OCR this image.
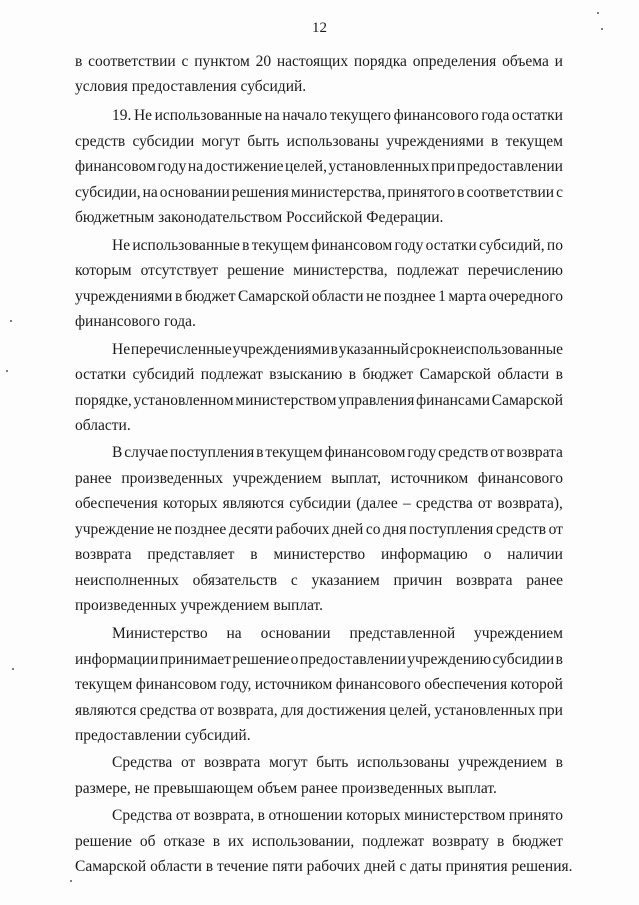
12
в соответствии с пунктом 20 настоящих порядка определения объема и
условия предоставления субсидий.
19. Не использованные на начало текущего финансового года остатки
средств субсидии могут быть использованы учреждениями в текущем
финансовом году на достижение целей, установленных при предоставлении
субсидии, на основании решения министерства, принятого в соответствии с
бюджетным законодательством Российской Федерации.
Не использованные в текущем финансовом году остатки субсидий, по
которым отсутствует решение министерства, подлежат перечислению
учреждениями в бюджет Самарской области не позднее 1 марта очередного
финансового года.
Не перечисленные учреждениями в указанный срок неиспользованные
остатки субсидий подлежат взысканию в бюджет Самарской области в
порядке, установленном министерством управления финансами Самарской
области.
В случае поступления в текущем финансовом году средств от возврата
ранее произведенных учреждением выплат, источником финансового
обеспечения которых являются субсидии (далее – средства от возврата),
учреждение не позднее десяти рабочих дней со дня поступления средств от
возврата представляет в министерство информацию о наличии
неисполненных обязательств с указанием причин возврата ранее
произведенных учреждением выплат.
Министерство на основании представленной учреждением
информации принимает решение о предоставлении учреждению субсидии в
текущем финансовом году, источником финансового обеспечения которой
являются средства от возврата, для достижения целей, установленных при
предоставлении субсидий.
Средства от возврата могут быть использованы учреждением в
размере, не превышающем объем ранее произведенных выплат.
Средства от возврата, в отношении которых министерством принято
решение об отказе в их использовании, подлежат возврату в бюджет
Самарской области в течение пяти рабочих дней с даты принятия решения.
